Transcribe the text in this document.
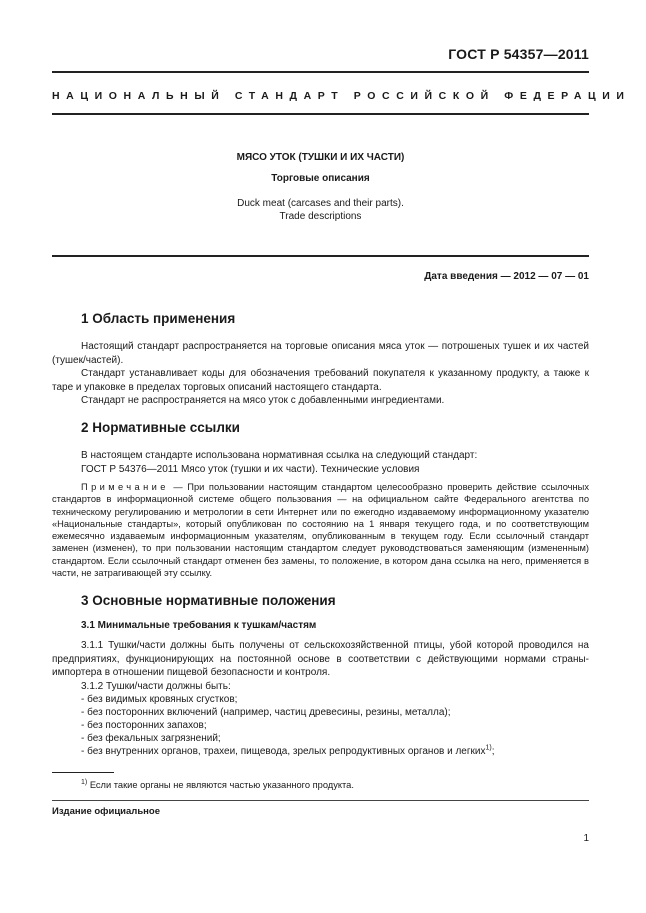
ГОСТ Р 54357—2011
НАЦИОНАЛЬНЫЙ СТАНДАРТ РОССИЙСКОЙ ФЕДЕРАЦИИ
МЯСО УТОК (ТУШКИ И ИХ ЧАСТИ)
Торговые описания
Duck meat (carcases and their parts).
Trade descriptions
Дата введения — 2012 — 07 — 01
1 Область применения
Настоящий стандарт распространяется на торговые описания мяса уток — потрошеных тушек и их частей (тушек/частей).
Стандарт устанавливает коды для обозначения требований покупателя к указанному продукту, а также к таре и упаковке в пределах торговых описаний настоящего стандарта.
Стандарт не распространяется на мясо уток с добавленными ингредиентами.
2 Нормативные ссылки
В настоящем стандарте использована нормативная ссылка на следующий стандарт:
ГОСТ Р 54376—2011 Мясо уток (тушки и их части). Технические условия
Примечание — При пользовании настоящим стандартом целесообразно проверить действие ссылочных стандартов в информационной системе общего пользования — на официальном сайте Федерального агентства по техническому регулированию и метрологии в сети Интернет или по ежегодно издаваемому информационному указателю «Национальные стандарты», который опубликован по состоянию на 1 января текущего года, и по соответствующим ежемесячно издаваемым информационным указателям, опубликованным в текущем году. Если ссылочный стандарт заменен (изменен), то при пользовании настоящим стандартом следует руководствоваться заменяющим (измененным) стандартом. Если ссылочный стандарт отменен без замены, то положение, в котором дана ссылка на него, применяется в части, не затрагивающей эту ссылку.
3 Основные нормативные положения
3.1 Минимальные требования к тушкам/частям
3.1.1 Тушки/части должны быть получены от сельскохозяйственной птицы, убой которой проводился на предприятиях, функционирующих на постоянной основе в соответствии с действующими нормами страны-импортера в отношении пищевой безопасности и контроля.
3.1.2 Тушки/части должны быть:
- без видимых кровяных сгустков;
- без посторонних включений (например, частиц древесины, резины, металла);
- без посторонних запахов;
- без фекальных загрязнений;
- без внутренних органов, трахеи, пищевода, зрелых репродуктивных органов и легких$^{1)}$;
$^{1)}$ Если такие органы не являются частью указанного продукта.
Издание официальное
1
